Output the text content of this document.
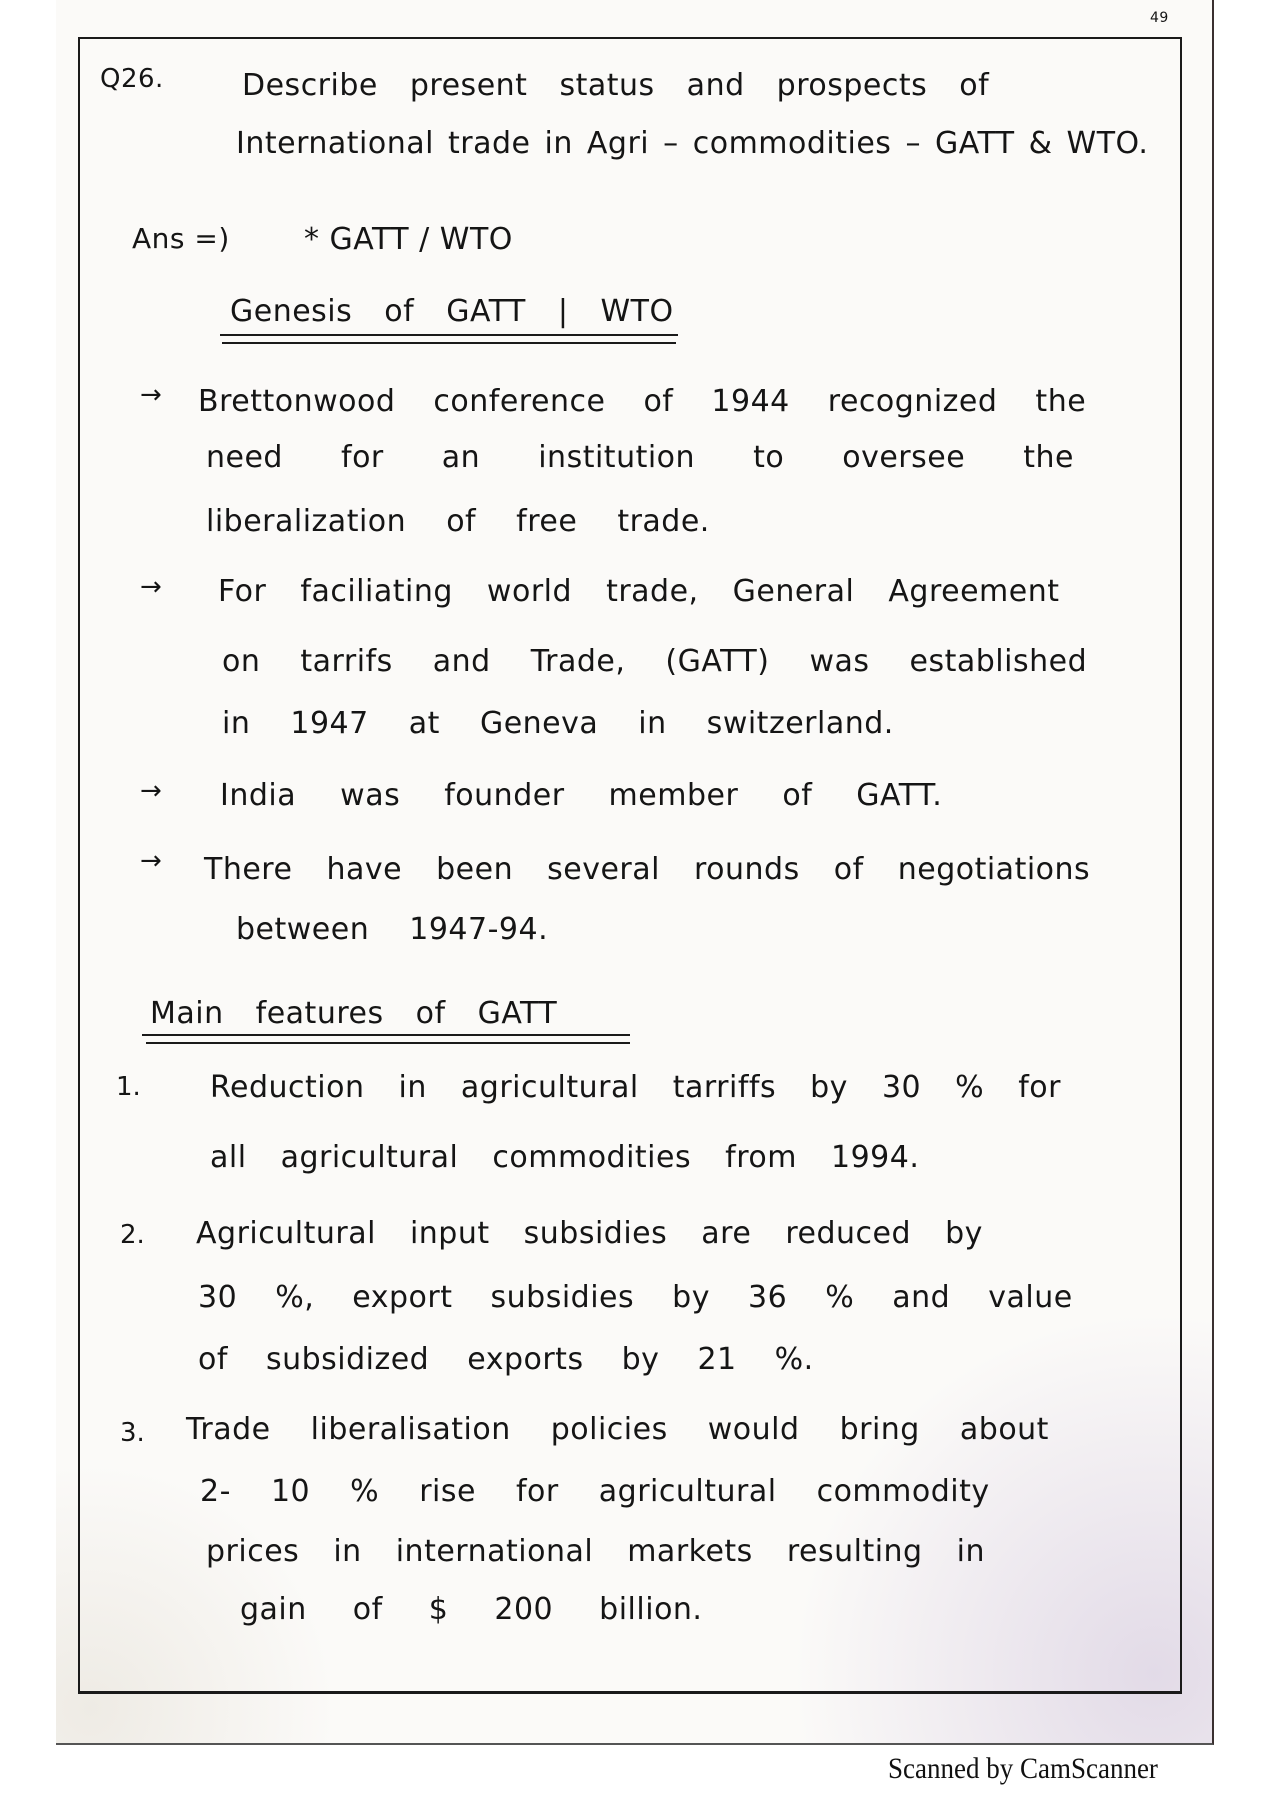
49
Q26.	Describe present status and prospects of
International trade in Agri – commodities – GATT & WTO.
Ans =) * GATT / WTO
Genesis of GATT | WTO
→ Brettonwood conference of 1944 recognized the
need for an institution to oversee the
liberalization of free trade.
→ For faciliating world trade, General Agreement
on tarrifs and Trade, (GATT) was established
in 1947 at Geneva in switzerland.
→ India was founder member of GATT.
→ There have been several rounds of negotiations
between 1947-94.
Main features of GATT
1. Reduction in agricultural tarriffs by 30 % for
all agricultural commodities from 1994.
2. Agricultural input subsidies are reduced by
30 %, export subsidies by 36 % and value
of subsidized exports by 21 %.
3. Trade liberalisation policies would bring about
2- 10 % rise for agricultural commodity
prices in international markets resulting in
gain of $ 200 billion.
Scanned by CamScanner
